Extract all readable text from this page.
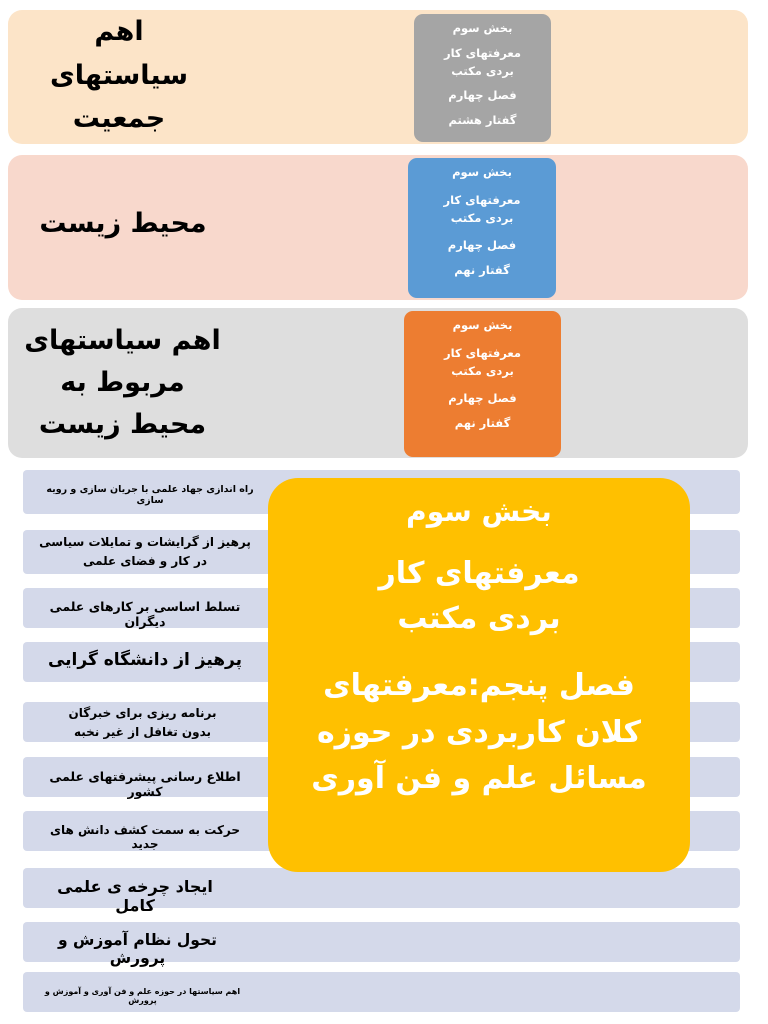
اهم سیاستهای جمعیت
بخش سوم
معرفتهای کار بردی مکتب
فصل چهارم
گفتار هشتم
محیط زیست
بخش سوم
معرفتهای کار بردی مکتب
فصل چهارم
گفتار نهم
اهم سیاستهای مربوط به محیط زیست
بخش سوم
معرفتهای کار بردی مکتب
فصل چهارم
گفتار نهم
راه اندازی جهاد علمی با جریان سازی و رویه سازی
پرهیز از گرایشات و تمایلات سیاسی در کار و فضای علمی
تسلط اساسی بر کارهای علمی دیگران
پرهیز از دانشگاه گرایی
برنامه ریزی برای خبرگان بدون تغافل از غیر نخبه
اطلاع رسانی پیشرفتهای علمی کشور
حرکت به سمت کشف دانش های جدید
ایجاد چرخه ی علمی کامل
تحول نظام آموزش و پرورش
اهم سیاستها در حوزه علم و فن آوری و آموزش و پرورش
بخش سوم
معرفتهای کار بردی مکتب
فصل پنجم:معرفتهای کلان کاربردی در حوزه مسائل علم و فن آوری
